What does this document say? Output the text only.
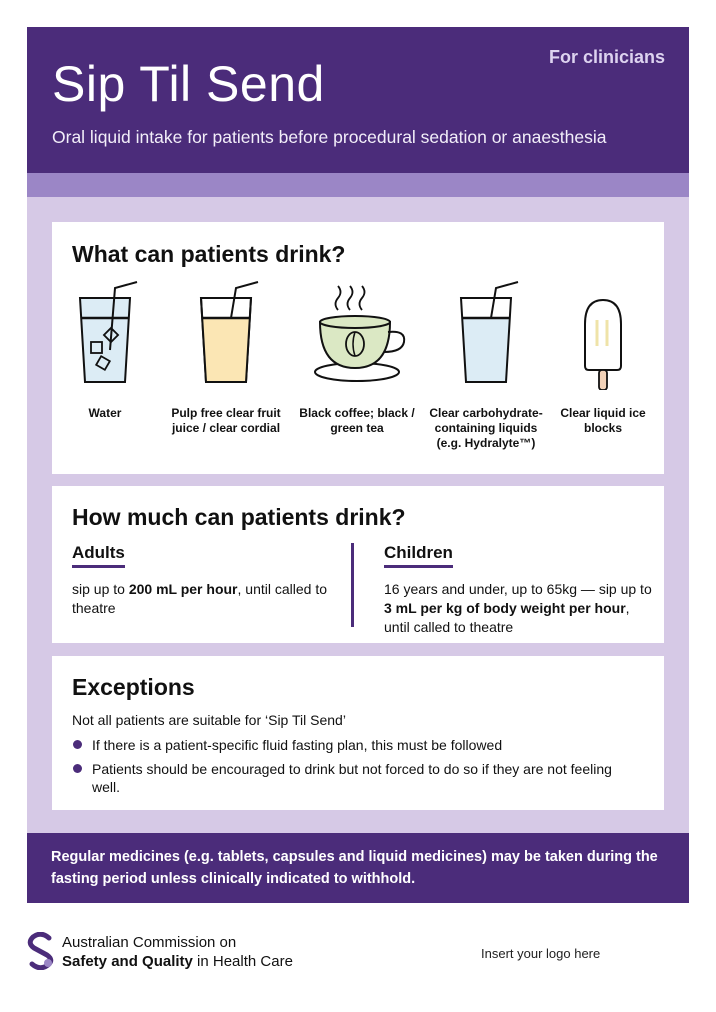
Sip Til Send	For clinicians
Oral liquid intake for patients before procedural sedation or anaesthesia
What can patients drink?
Water	Pulp free clear fruit juice / clear cordial
Black coffee; black / green tea
Clear carbohydrate-containing liquids (e.g. Hydralyte™)
Clear liquid ice blocks
How much can patients drink?
Adults
sip up to 200 mL per hour, until called to theatre
Children
16 years and under, up to 65kg — sip up to 3 mL per kg of body weight per hour, until called to theatre
Exceptions
Not all patients are suitable for ‘Sip Til Send’
If there is a patient-specific fluid fasting plan, this must be followed
Patients should be encouraged to drink but not forced to do so if they are not feeling well.
Regular medicines (e.g. tablets, capsules and liquid medicines) may be taken during the fasting period unless clinically indicated to withhold.
Australian Commission on
Safety and Quality in Health Care	Insert your logo here
